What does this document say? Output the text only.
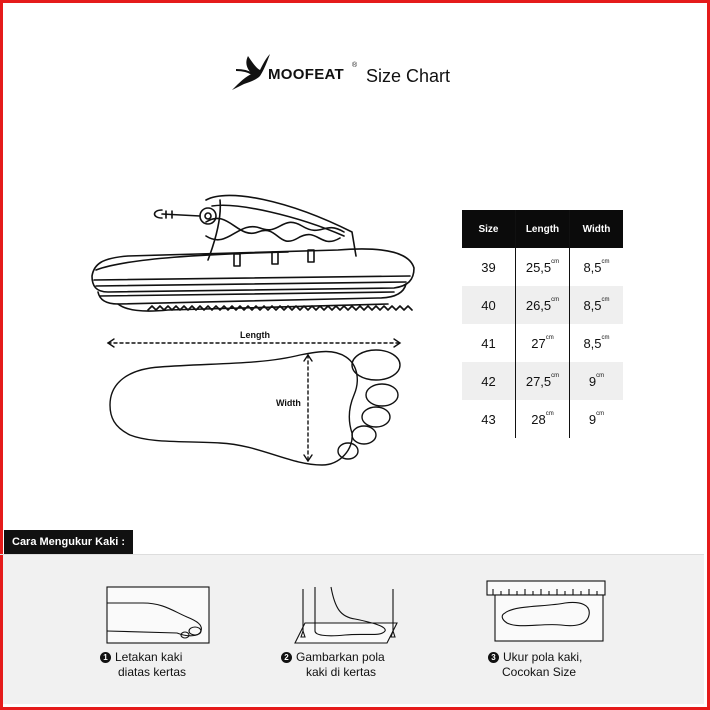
MOOFEAT
®
Size Chart
Length
Width
Size	Length	Width
39	$25,5^{cm}$	$8,5^{cm}$
40	$26,5^{cm}$	$8,5^{cm}$
41	$27^{cm}$	$8,5^{cm}$
42	$27,5^{cm}$	$9^{cm}$
43	$28^{cm}$	$9^{cm}$
Cara Mengukur Kaki :
1 Letakan kaki
diatas kertas
2 Gambarkan pola
kaki di kertas
3 Ukur pola kaki,
Cocokan Size
